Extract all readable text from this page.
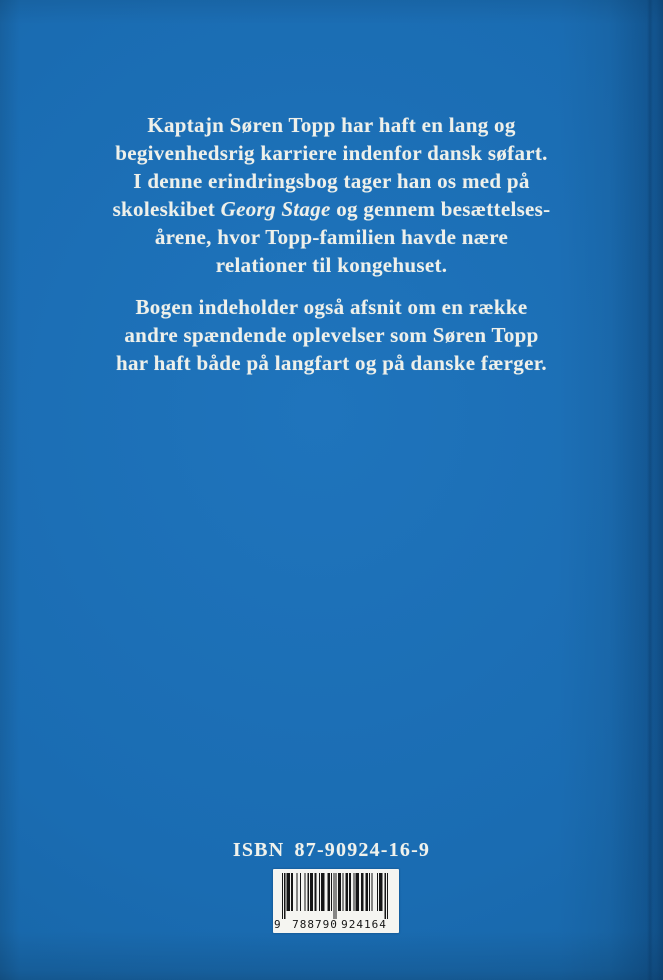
Kaptajn Søren Topp har haft en lang og
begivenhedsrig karriere indenfor dansk søfart.
I denne erindringsbog tager han os med på
skoleskibet Georg Stage og gennem besættelses-
årene, hvor Topp-familien havde nære
relationer til kongehuset.
Bogen indeholder også afsnit om en række
andre spændende oplevelser som Søren Topp
har haft både på langfart og på danske færger.
ISBN 87-90924-16-9
9 788790 924164
